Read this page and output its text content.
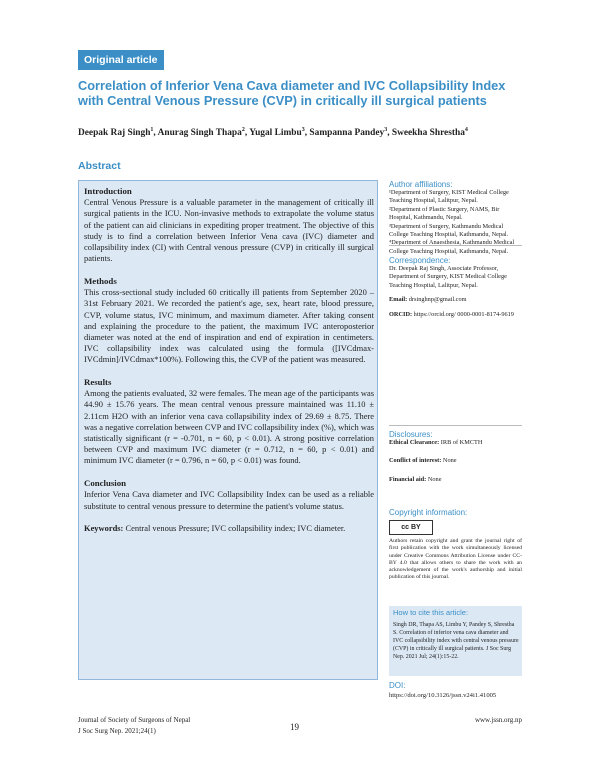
Original article
Correlation of Inferior Vena Cava diameter and IVC Collapsibility Index with Central Venous Pressure (CVP) in critically ill surgical patients
Deepak Raj Singh$^1$, Anurag Singh Thapa$^2$, Yugal Limbu$^3$, Sampanna Pandey$^3$, Sweekha Shrestha$^4$
Abstract
Introduction

Central Venous Pressure is a valuable parameter in the management of critically ill surgical patients in the ICU. Non-invasive methods to extrapolate the volume status of the patient can aid clinicians in expediting proper treatment. The objective of this study is to find a correlation between Inferior Vena cava (IVC) diameter and collapsibility index (CI) with Central venous pressure (CVP) in critically ill surgical patients.

Methods

This cross-sectional study included 60 critically ill patients from September 2020 – 31st February 2021. We recorded the patient's age, sex, heart rate, blood pressure, CVP, volume status, IVC minimum, and maximum diameter. After taking consent and explaining the procedure to the patient, the maximum IVC anteroposterior diameter was noted at the end of inspiration and end of expiration in centimeters. IVC collapsibility index was calculated using the formula ([IVCdmax-IVCdmin]/IVCdmax*100%). Following this, the CVP of the patient was measured.

Results

Among the patients evaluated, 32 were females. The mean age of the participants was 44.90 ± 15.76 years. The mean central venous pressure maintained was 11.10 ± 2.11cm H2O with an inferior vena cava collapsibility index of 29.69 ± 8.75. There was a negative correlation between CVP and IVC collapsibility index (%), which was statistically significant (r = -0.701, n = 60, p < 0.01). A strong positive correlation between CVP and maximum IVC diameter (r = 0.712, n = 60, p < 0.01) and minimum IVC diameter (r = 0.796, n = 60, p < 0.01) was found.

Conclusion

Inferior Vena Cava diameter and IVC Collapsibility Index can be used as a reliable substitute to central venous pressure to determine the patient's volume status.

Keywords: Central venous Pressure; IVC collapsibility index; IVC diameter.

Author affiliations:
¹Department of Surgery, KIST Medical College Teaching Hospital, Lalitpur, Nepal.
²Department of Plastic Surgery, NAMS, Bir Hospital, Kathmandu, Nepal.
³Department of Surgery, Kathmandu Medical College Teaching Hospital, Kathmandu, Nepal.
⁴Department of Anaesthesia, Kathmandu Medical College Teaching Hospital, Kathmandu, Nepal.
Correspondence:
Dr. Deepak Raj Singh, Associate Professor, Department of Surgery, KIST Medical College Teaching Hospital, Lalitpur, Nepal.
Email: drsinghnp@gmail.com
ORCID: https://orcid.org/ 0000-0001-8174-9619
Disclosures:
Ethical Clearance: IRB of KMCTH
Conflict of interest: None
Financial aid: None
Copyright information:
cc BY
Authors retain copyright and grant the journal right of first publication with the work simultaneously licensed under Creative Commons Attribution License under CC-BY 4.0 that allows others to share the work with an acknowledgement of the work's authorship and initial publication of this journal.
How to cite this article:
Singh DR, Thapa AS, Limbu Y, Pandey S, Shrestha S. Correlation of inferior vena cava diameter and IVC collapsibility index with central venous pressure (CVP) in critically ill surgical patients. J Soc Surg Nep. 2021 Jul; 24(1):15-22.
DOI:
https://doi.org/10.3126/jssn.v24i1.41005
Journal of Society of Surgeons of Nepal
J Soc Surg Nep. 2021;24(1)	19
www.jssn.org.np
